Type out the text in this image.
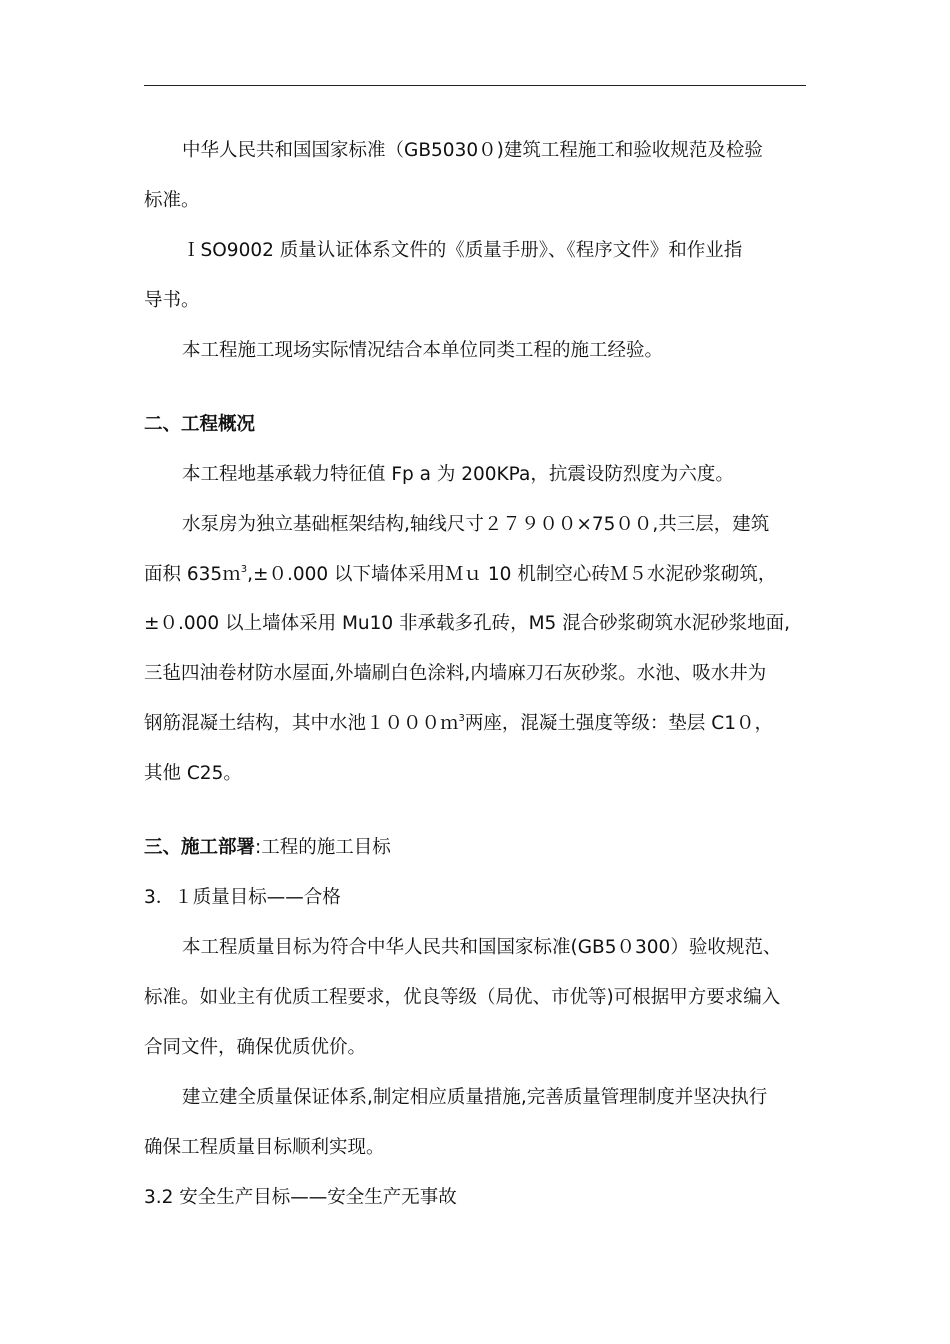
中华人民共和国国家标准（GB5030０)建筑工程施工和验收规范及检验
标准。
ＩSO9002 质量认证体系文件的《质量手册》、《程序文件》和作业指
导书。
本工程施工现场实际情况结合本单位同类工程的施工经验。
二、工程概况
本工程地基承载力特征值 Fp a 为 200KPa，抗震设防烈度为六度。
水泵房为独立基础框架结构,轴线尺寸２７９００×75００,共三层，建筑
面积 635ｍ$^3$,±０.000 以下墙体采用Ｍｕ 10 机制空心砖Ｍ５水泥砂浆砌筑，
±０.000 以上墙体采用 Mu10 非承载多孔砖，M5 混合砂浆砌筑水泥砂浆地面,
三毡四油卷材防水屋面,外墙刷白色涂料,内墙麻刀石灰砂浆。水池、吸水井为
钢筋混凝土结构，其中水池１０００ｍ$^3$两座，混凝土强度等级：垫层 C1０，
其他 C25。
三、施工部署:工程的施工目标
3．１质量目标——合格
本工程质量目标为符合中华人民共和国国家标准(GB5０300）验收规范、
标准。如业主有优质工程要求，优良等级（局优、市优等)可根据甲方要求编入
合同文件，确保优质优价。
建立建全质量保证体系,制定相应质量措施,完善质量管理制度并坚决执行
确保工程质量目标顺利实现。
3.2 安全生产目标——安全生产无事故
